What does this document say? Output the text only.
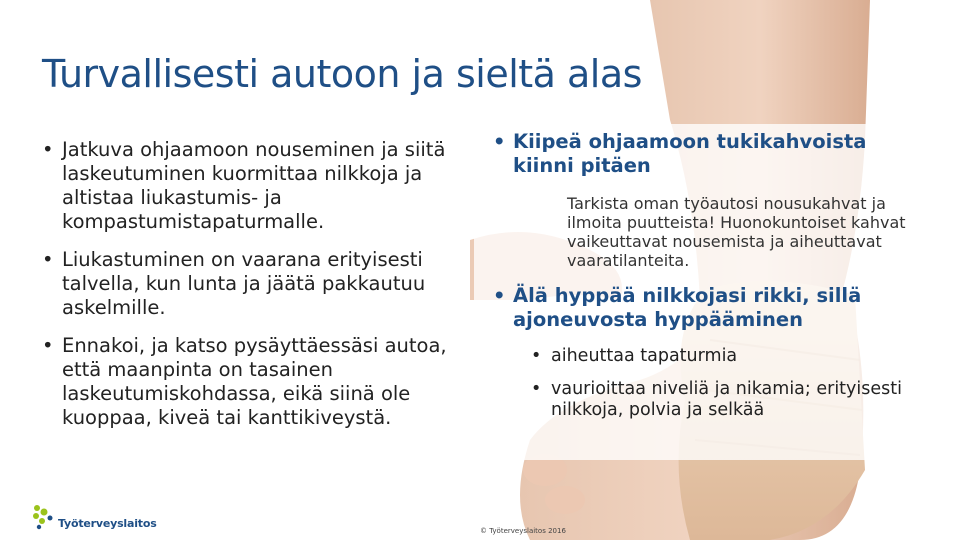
Turvallisesti autoon ja sieltä alas
• Jatkuva ohjaamoon nouseminen ja siitä laskeutuminen kuormittaa nilkkoja ja altistaa liukastumis- ja kompastumistapaturmalle.
• Liukastuminen on vaarana erityisesti talvella, kun lunta ja jäätä pakkautuu askelmille.
• Ennakoi, ja katso pysäyttäessäsi autoa, että maanpinta on tasainen laskeutumiskohdassa, eikä siinä ole kuoppaa, kiveä tai kanttikiveystä.
• Kiipeä ohjaamoon tukikahvoista kiinni pitäen
Tarkista oman työautosi nousukahvat ja ilmoita puutteista! Huonokuntoiset kahvat vaikeuttavat nousemista ja aiheuttavat vaaratilanteita.
• Älä hyppää nilkkojasi rikki, sillä ajoneuvosta hyppääminen
• aiheuttaa tapaturmia
• vaurioittaa niveliä ja nikamia; erityisesti nilkkoja, polvia ja selkää
Työterveyslaitos
© Työterveyslaitos 2016
